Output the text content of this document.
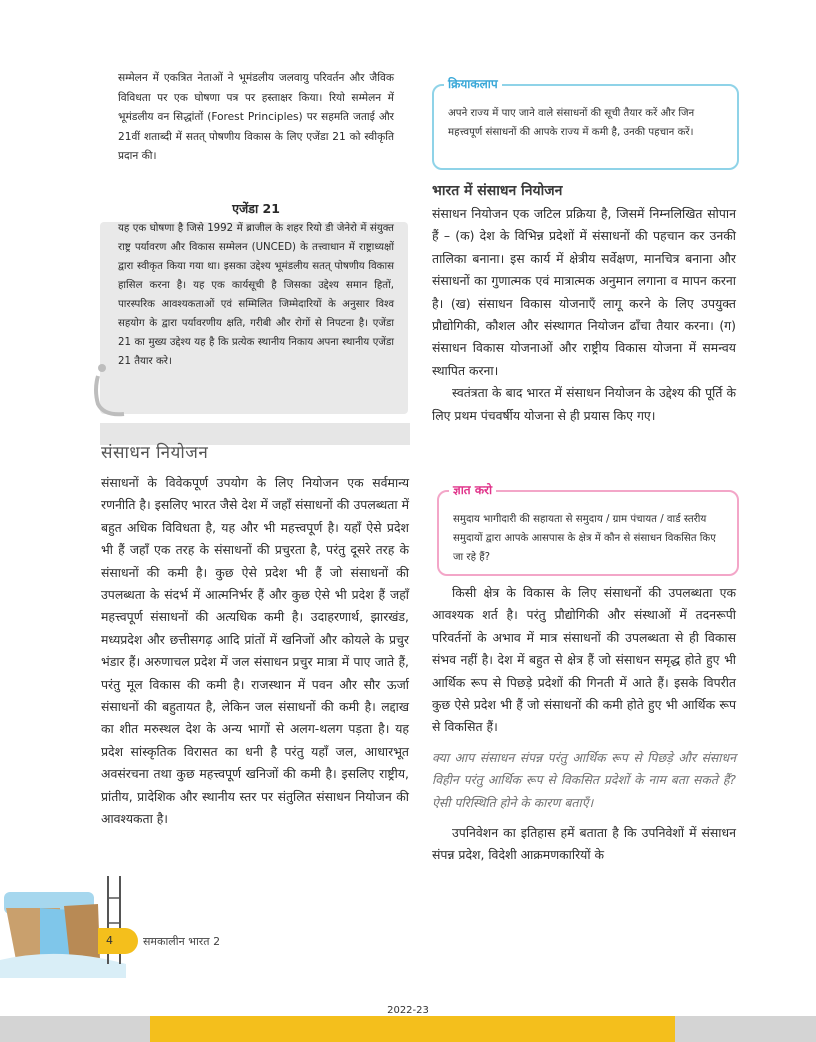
सम्मेलन में एकत्रित नेताओं ने भूमंडलीय जलवायु परिवर्तन और जैविक विविधता पर एक घोषणा पत्र पर हस्ताक्षर किया। रियो सम्मेलन में भूमंडलीय वन सिद्धांतों (Forest Principles) पर सहमति जताई और 21वीं शताब्दी में सतत् पोषणीय विकास के लिए एजेंडा 21 को स्वीकृति प्रदान की।

एजेंडा 21

यह एक घोषणा है जिसे 1992 में ब्राजील के शहर रियो डी जेनेरो में संयुक्त राष्ट्र पर्यावरण और विकास सम्मेलन (UNCED) के तत्त्वाधान में राष्ट्राध्यक्षों द्वारा स्वीकृत किया गया था। इसका उद्देश्य भूमंडलीय सतत् पोषणीय विकास हासिल करना है। यह एक कार्यसूची है जिसका उद्देश्य समान हितों, पारस्परिक आवश्यकताओं एवं सम्मिलित जिम्मेदारियों के अनुसार विश्व सहयोग के द्वारा पर्यावरणीय क्षति, गरीबी और रोगों से निपटना है। एजेंडा 21 का मुख्य उद्देश्य यह है कि प्रत्येक स्थानीय निकाय अपना स्थानीय एजेंडा 21 तैयार करे।

संसाधन नियोजन

संसाधनों के विवेकपूर्ण उपयोग के लिए नियोजन एक सर्वमान्य रणनीति है। इसलिए भारत जैसे देश में जहाँ संसाधनों की उपलब्धता में बहुत अधिक विविधता है, यह और भी महत्त्वपूर्ण है। यहाँ ऐसे प्रदेश भी हैं जहाँ एक तरह के संसाधनों की प्रचुरता है, परंतु दूसरे तरह के संसाधनों की कमी है। कुछ ऐसे प्रदेश भी हैं जो संसाधनों की उपलब्धता के संदर्भ में आत्मनिर्भर हैं और कुछ ऐसे भी प्रदेश हैं जहाँ महत्त्वपूर्ण संसाधनों की अत्यधिक कमी है। उदाहरणार्थ, झारखंड, मध्यप्रदेश और छत्तीसगढ़ आदि प्रांतों में खनिजों और कोयले के प्रचुर भंडार हैं। अरुणाचल प्रदेश में जल संसाधन प्रचुर मात्रा में पाए जाते हैं, परंतु मूल विकास की कमी है। राजस्थान में पवन और सौर ऊर्जा संसाधनों की बहुतायत है, लेकिन जल संसाधनों की कमी है। लद्दाख का शीत मरुस्थल देश के अन्य भागों से अलग-थलग पड़ता है। यह प्रदेश सांस्कृतिक विरासत का धनी है परंतु यहाँ जल, आधारभूत अवसंरचना तथा कुछ महत्त्वपूर्ण खनिजों की कमी है। इसलिए राष्ट्रीय, प्रांतीय, प्रादेशिक और स्थानीय स्तर पर संतुलित संसाधन नियोजन की आवश्यकता है।

क्रियाकलाप
अपने राज्य में पाए जाने वाले संसाधनों की सूची तैयार करें और जिन महत्त्वपूर्ण संसाधनों की आपके राज्य में कमी है, उनकी पहचान करें।
भारत में संसाधन नियोजन

संसाधन नियोजन एक जटिल प्रक्रिया है, जिसमें निम्नलिखित सोपान हैं – (क) देश के विभिन्न प्रदेशों में संसाधनों की पहचान कर उनकी तालिका बनाना। इस कार्य में क्षेत्रीय सर्वेक्षण, मानचित्र बनाना और संसाधनों का गुणात्मक एवं मात्रात्मक अनुमान लगाना व मापन करना है। (ख) संसाधन विकास योजनाएँ लागू करने के लिए उपयुक्त प्रौद्योगिकी, कौशल और संस्थागत नियोजन ढाँचा तैयार करना। (ग) संसाधन विकास योजनाओं और राष्ट्रीय विकास योजना में समन्वय स्थापित करना।

स्वतंत्रता के बाद भारत में संसाधन नियोजन के उद्देश्य की पूर्ति के लिए प्रथम पंचवर्षीय योजना से ही प्रयास किए गए।

ज्ञात करो
समुदाय भागीदारी की सहायता से समुदाय / ग्राम पंचायत / वार्ड स्तरीय समुदायों द्वारा आपके आसपास के क्षेत्र में कौन से संसाधन विकसित किए जा रहे हैं?

किसी क्षेत्र के विकास के लिए संसाधनों की उपलब्धता एक आवश्यक शर्त है। परंतु प्रौद्योगिकी और संस्थाओं में तदनरूपी परिवर्तनों के अभाव में मात्र संसाधनों की उपलब्धता से ही विकास संभव नहीं है। देश में बहुत से क्षेत्र हैं जो संसाधन समृद्ध होते हुए भी आर्थिक रूप से पिछड़े प्रदेशों की गिनती में आते हैं। इसके विपरीत कुछ ऐसे प्रदेश भी हैं जो संसाधनों की कमी होते हुए भी आर्थिक रूप से विकसित हैं।

क्या आप संसाधन संपन्न परंतु आर्थिक रूप से पिछड़े और संसाधन विहीन परंतु आर्थिक रूप से विकसित प्रदेशों के नाम बता सकते हैं? ऐसी परिस्थिति होने के कारण बताएँ।

उपनिवेशन का इतिहास हमें बताता है कि उपनिवेशों में संसाधन संपन्न प्रदेश, विदेशी आक्रमणकारियों के

4	समकालीन भारत 2
2022-23
